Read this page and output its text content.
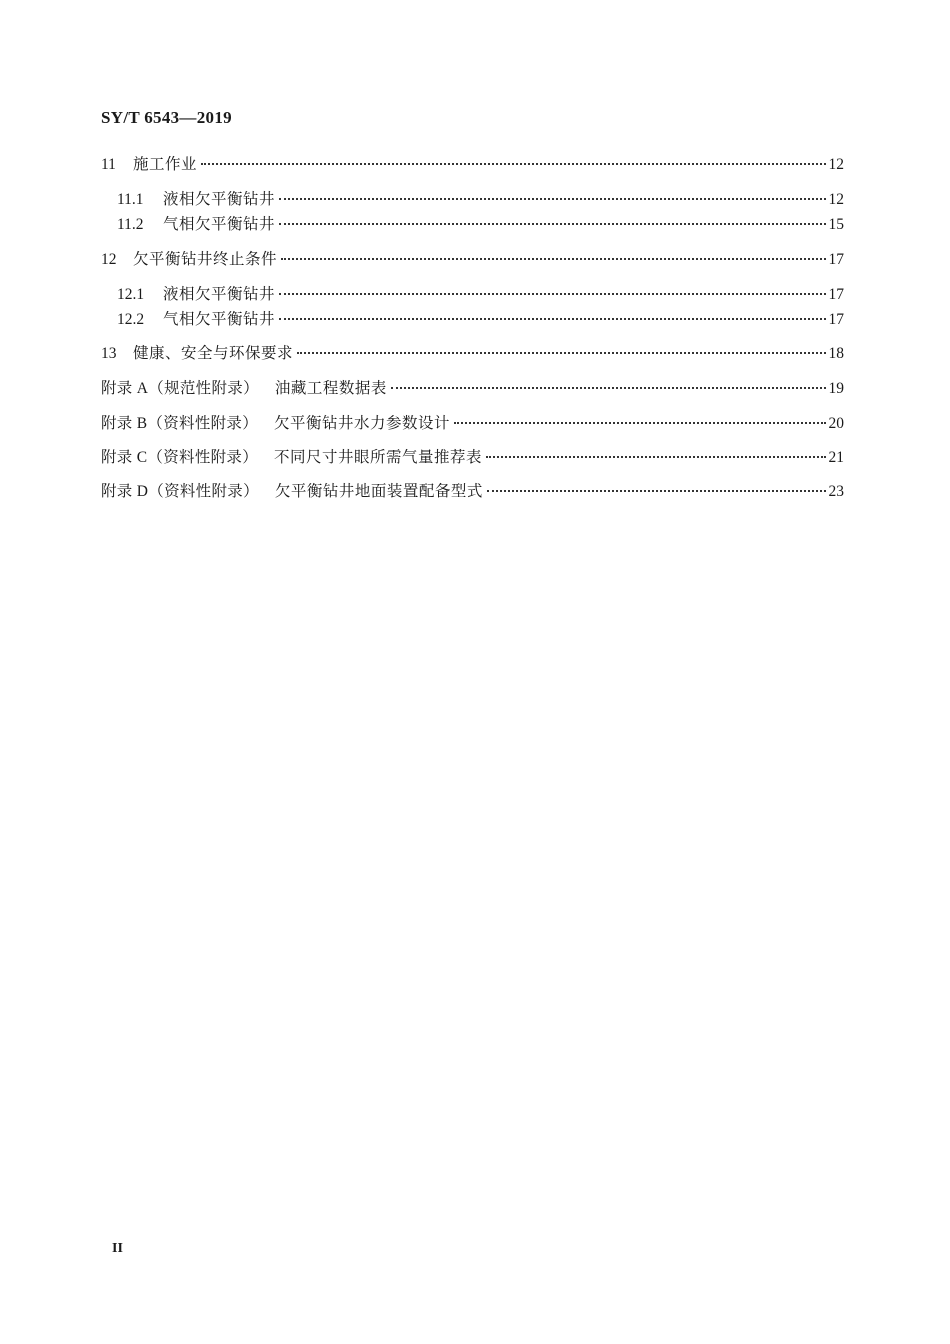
SY/T 6543—2019
11	施工作业	12
11.1	液相欠平衡钻井	12
11.2	气相欠平衡钻井	15
12	欠平衡钻井终止条件	17
12.1	液相欠平衡钻井	17
12.2	气相欠平衡钻井	17
13	健康、安全与环保要求	18
附录 A（规范性附录） 油藏工程数据表	19
附录 B（资料性附录） 欠平衡钻井水力参数设计	20
附录 C（资料性附录） 不同尺寸井眼所需气量推荐表	21
附录 D（资料性附录） 欠平衡钻井地面装置配备型式	23
II
